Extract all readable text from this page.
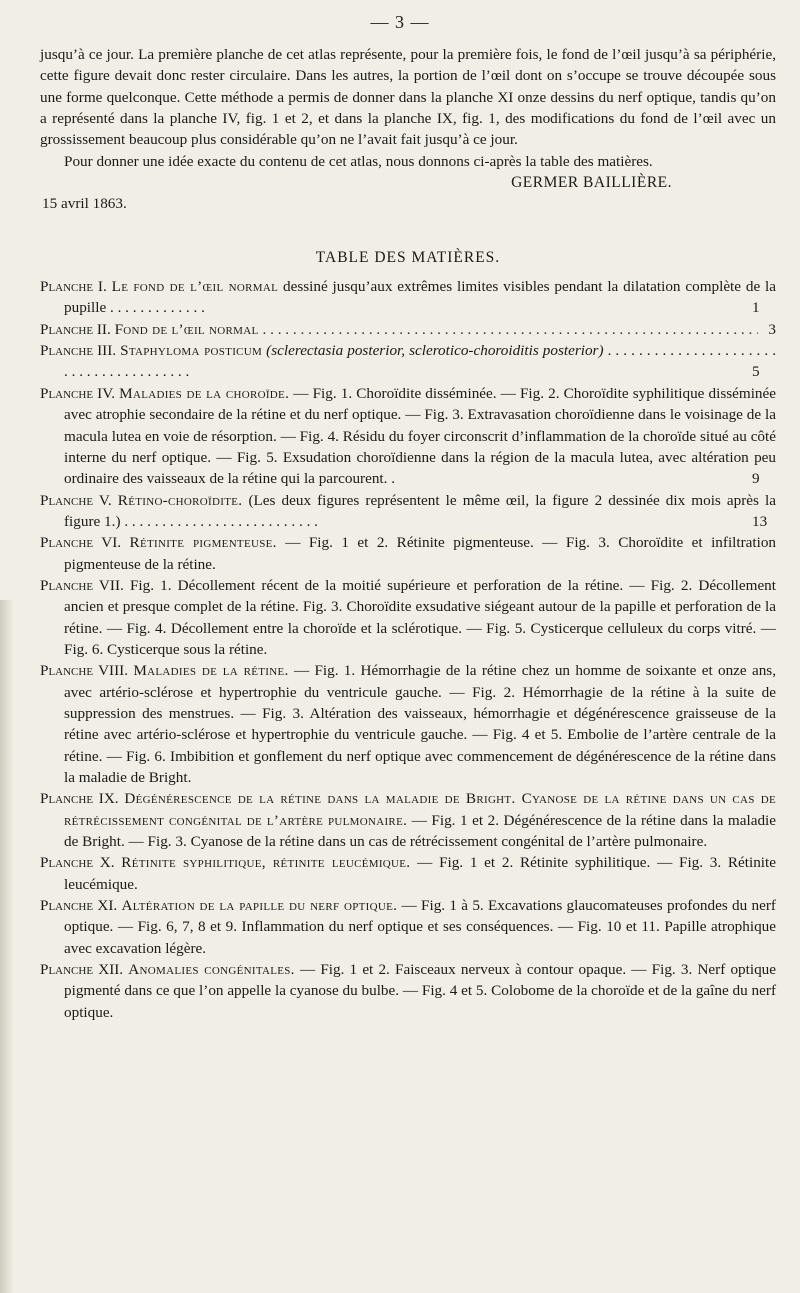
— 3 —
jusqu’à ce jour. La première planche de cet atlas représente, pour la première fois, le fond de l’œil jusqu’à sa périphérie, cette figure devait donc rester circulaire. Dans les autres, la portion de l’œil dont on s’occupe se trouve découpée sous une forme quelconque. Cette méthode a permis de donner dans la planche XI onze dessins du nerf optique, tandis qu’on a représenté dans la planche IV, fig. 1 et 2, et dans la planche IX, fig. 1, des modifications du fond de l’œil avec un grossissement beaucoup plus considérable qu’on ne l’avait fait jusqu’à ce jour.
Pour donner une idée exacte du contenu de cet atlas, nous donnons ci-après la table des matières.
GERMER BAILLIÈRE.
15 avril 1863.
TABLE DES MATIÈRES.
Planche I. Le fond de l’œil normal dessiné jusqu’aux extrêmes limites visibles pendant la dilatation complète de la pupille . . . . . . . . . . . . .	1
Planche II. Fond de l’œil normal . . .	3
Planche III. Staphyloma posticum (sclerectasia posterior, sclerotico-choroiditis posterior) . . . . . . . . . . . . . . . . . . . . . . . . . . . . . . . . . . . . . . .	5
Planche IV. Maladies de la choroïde. — Fig. 1. Choroïdite disséminée. — Fig. 2. Choroïdite syphilitique disséminée avec atrophie secondaire de la rétine et du nerf optique. — Fig. 3. Extravasation choroïdienne dans le voisinage de la macula lutea en voie de résorption. — Fig. 4. Résidu du foyer circonscrit d’inflammation de la choroïde situé au côté interne du nerf optique. — Fig. 5. Exsudation choroïdienne dans la région de la macula lutea, avec altération peu ordinaire des vaisseaux de la rétine qui la parcourent. .	9
Planche V. Rétino-choroïdite. (Les deux figures représentent le même œil, la figure 2 dessinée dix mois après la figure 1.) . . . . . . . . . . . . . . . . . . . . . . . . . .	13
Planche VI. Rétinite pigmenteuse. — Fig. 1 et 2. Rétinite pigmenteuse. — Fig. 3. Choroïdite et infiltration pigmenteuse de la rétine.
Planche VII. Fig. 1. Décollement récent de la moitié supérieure et perforation de la rétine. — Fig. 2. Décollement ancien et presque complet de la rétine. Fig. 3. Choroïdite exsudative siégeant autour de la papille et perforation de la rétine. — Fig. 4. Décollement entre la choroïde et la sclérotique. — Fig. 5. Cysticerque celluleux du corps vitré. — Fig. 6. Cysticerque sous la rétine.
Planche VIII. Maladies de la rétine. — Fig. 1. Hémorrhagie de la rétine chez un homme de soixante et onze ans, avec artério-sclérose et hypertrophie du ventricule gauche. — Fig. 2. Hémorrhagie de la rétine à la suite de suppression des menstrues. — Fig. 3. Altération des vaisseaux, hémorrhagie et dégénérescence graisseuse de la rétine avec artério-sclérose et hypertrophie du ventricule gauche. — Fig. 4 et 5. Embolie de l’artère centrale de la rétine. — Fig. 6. Imbibition et gonflement du nerf optique avec commencement de dégénérescence de la rétine dans la maladie de Bright.
Planche IX. Dégénérescence de la rétine dans la maladie de Bright. Cyanose de la rétine dans un cas de rétrécissement congénital de l’artère pulmonaire. — Fig. 1 et 2. Dégénérescence de la rétine dans la maladie de Bright. — Fig. 3. Cyanose de la rétine dans un cas de rétrécissement congénital de l’artère pulmonaire.
Planche X. Rétinite syphilitique, rétinite leucémique. — Fig. 1 et 2. Rétinite syphilitique. — Fig. 3. Rétinite leucémique.
Planche XI. Altération de la papille du nerf optique. — Fig. 1 à 5. Excavations glaucomateuses profondes du nerf optique. — Fig. 6, 7, 8 et 9. Inflammation du nerf optique et ses conséquences. — Fig. 10 et 11. Papille atrophique avec excavation légère.
Planche XII. Anomalies congénitales. — Fig. 1 et 2. Faisceaux nerveux à contour opaque. — Fig. 3. Nerf optique pigmenté dans ce que l’on appelle la cyanose du bulbe. — Fig. 4 et 5. Colobome de la choroïde et de la gaîne du nerf optique.
